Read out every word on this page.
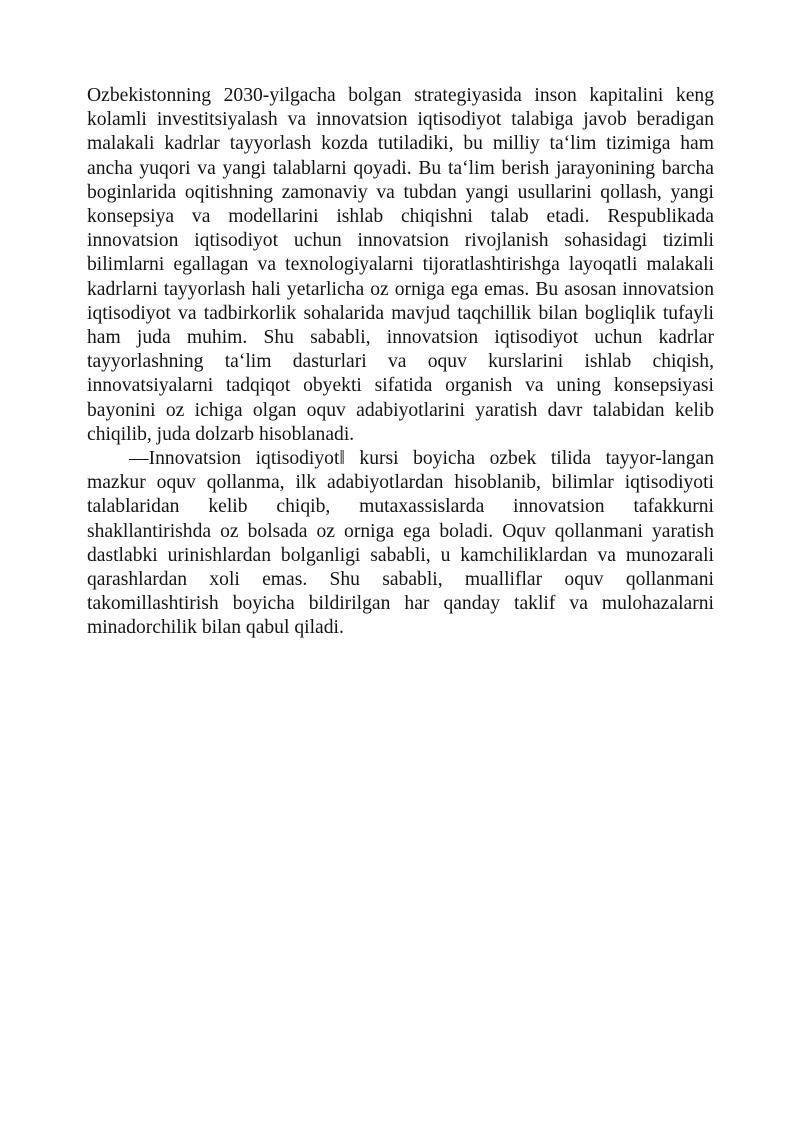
Ozbekistonning 2030-yilgacha bolgan strategiyasida inson kapitalini keng kolamli investitsiyalash va innovatsion iqtisodiyot talabiga javob beradigan malakali kadrlar tayyorlash kozda tutiladiki, bu milliy ta‘lim tizimiga ham ancha yuqori va yangi talablarni qoyadi. Bu ta‘lim berish jarayonining barcha boginlarida oqitishning zamonaviy va tubdan yangi usullarini qollash, yangi konsepsiya va modellarini ishlab chiqishni talab etadi. Respublikada innovatsion iqtisodiyot uchun innovatsion rivojlanish sohasidagi tizimli bilimlarni egallagan va texnologiyalarni tijoratlashtirishga layoqatli malakali kadrlarni tayyorlash hali yetarlicha oz orniga ega emas. Bu asosan innovatsion iqtisodiyot va tadbirkorlik sohalarida mavjud taqchillik bilan bogliqlik tufayli ham juda muhim. Shu sababli, innovatsion iqtisodiyot uchun kadrlar tayyorlashning ta‘lim dasturlari va oquv kurslarini ishlab chiqish, innovatsiyalarni tadqiqot obyekti sifatida organish va uning konsepsiyasi bayonini oz ichiga olgan oquv adabiyotlarini yaratish davr talabidan kelib chiqilib, juda dolzarb hisoblanadi.

―Innovatsion iqtisodiyot‖ kursi boyicha ozbek tilida tayyor-langan mazkur oquv qollanma, ilk adabiyotlardan hisoblanib, bilimlar iqtisodiyoti talablaridan kelib chiqib, mutaxassislarda innovatsion tafakkurni shakllantirishda oz bolsada oz orniga ega boladi. Oquv qollanmani yaratish dastlabki urinishlardan bolganligi sababli, u kamchiliklardan va munozarali qarashlardan xoli emas. Shu sababli, mualliflar oquv qollanmani takomillashtirish boyicha bildirilgan har qanday taklif va mulohazalarni minadorchilik bilan qabul qiladi.
